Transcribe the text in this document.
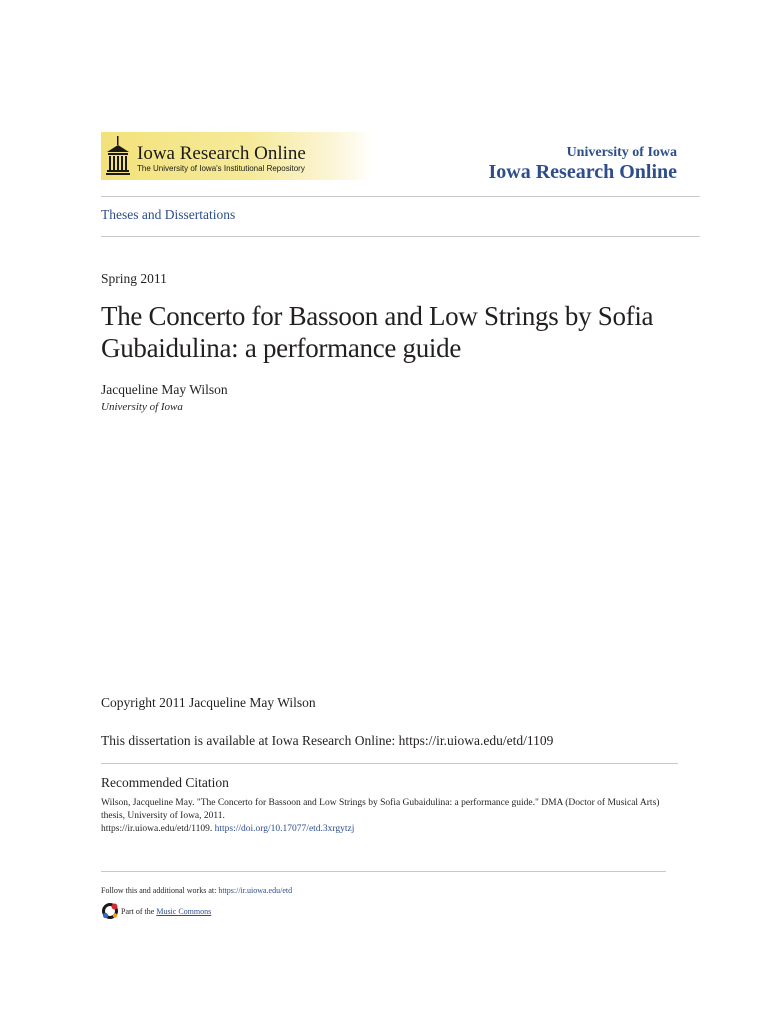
Iowa Research Online
The University of Iowa's Institutional Repository
University of Iowa
Iowa Research Online
Theses and Dissertations
Spring 2011
The Concerto for Bassoon and Low Strings by Sofia Gubaidulina: a performance guide
Jacqueline May Wilson
University of Iowa
Copyright 2011 Jacqueline May Wilson
This dissertation is available at Iowa Research Online: https://ir.uiowa.edu/etd/1109
Recommended Citation
Wilson, Jacqueline May. "The Concerto for Bassoon and Low Strings by Sofia Gubaidulina: a performance guide." DMA (Doctor of Musical Arts) thesis, University of Iowa, 2011.
https://ir.uiowa.edu/etd/1109. https://doi.org/10.17077/etd.3xrgytzj
Follow this and additional works at: https://ir.uiowa.edu/etd
Part of the
Music Commons
